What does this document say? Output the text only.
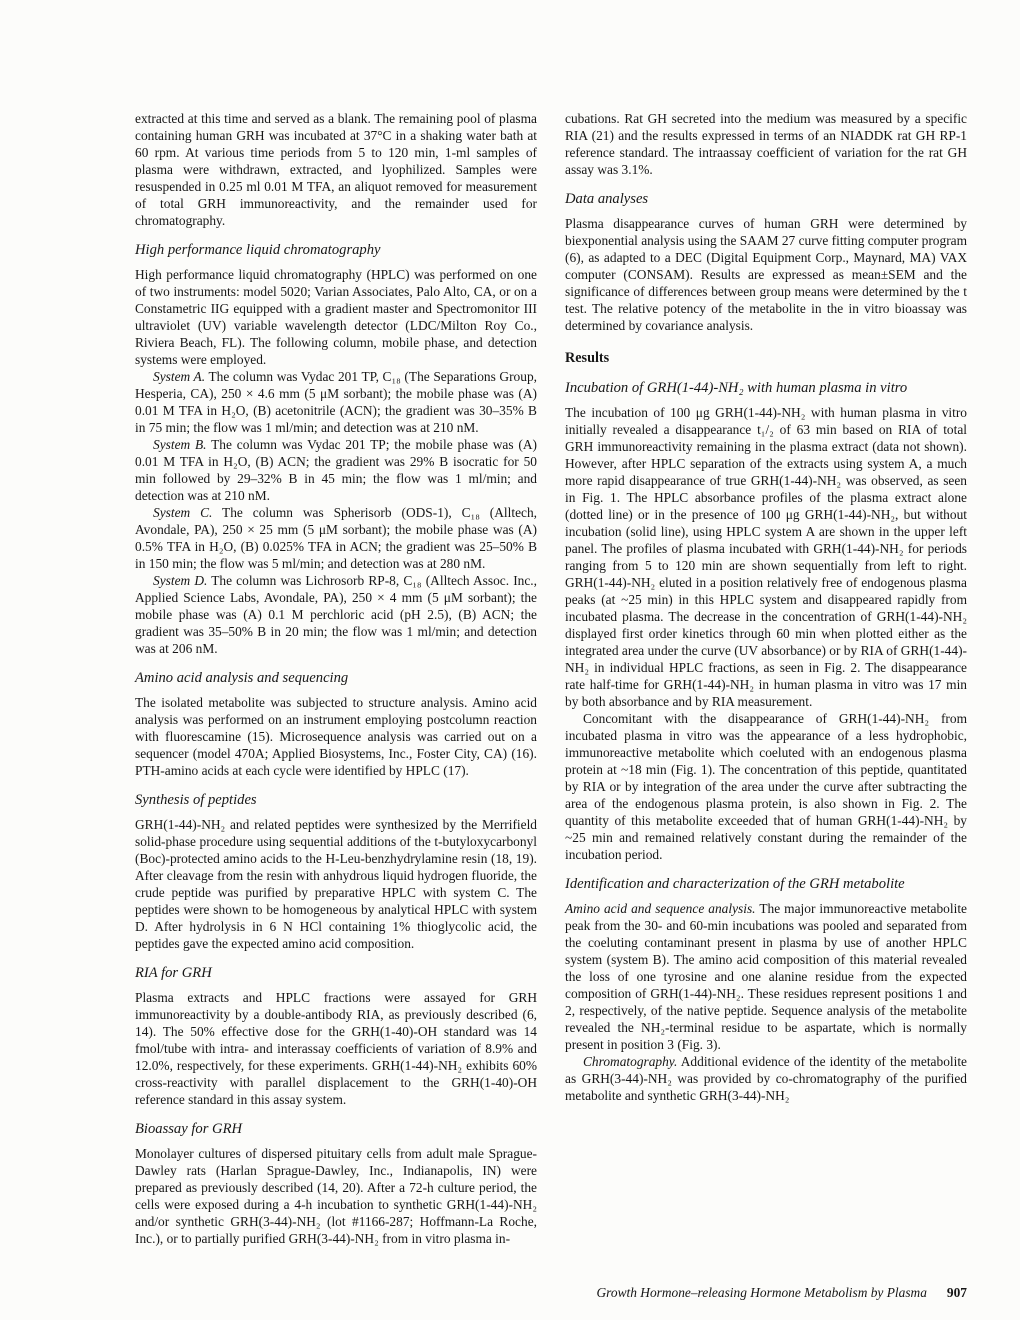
extracted at this time and served as a blank. The remaining pool of plasma containing human GRH was incubated at 37°C in a shaking water bath at 60 rpm. At various time periods from 5 to 120 min, 1-ml samples of plasma were withdrawn, extracted, and lyophilized. Samples were resuspended in 0.25 ml 0.01 M TFA, an aliquot removed for measurement of total GRH immunoreactivity, and the remainder used for chromatography.

High performance liquid chromatography

High performance liquid chromatography (HPLC) was performed on one of two instruments: model 5020; Varian Associates, Palo Alto, CA, or on a Constametric IIG equipped with a gradient master and Spectromonitor III ultraviolet (UV) variable wavelength detector (LDC/Milton Roy Co., Riviera Beach, FL). The following column, mobile phase, and detection systems were employed.

System A. The column was Vydac 201 TP, C₁₈ (The Separations Group, Hesperia, CA), 250 × 4.6 mm (5 μM sorbant); the mobile phase was (A) 0.01 M TFA in H₂O, (B) acetonitrile (ACN); the gradient was 30–35% B in 75 min; the flow was 1 ml/min; and detection was at 210 nM.

System B. The column was Vydac 201 TP; the mobile phase was (A) 0.01 M TFA in H₂O, (B) ACN; the gradient was 29% B isocratic for 50 min followed by 29–32% B in 45 min; the flow was 1 ml/min; and detection was at 210 nM.

System C. The column was Spherisorb (ODS-1), C₁₈ (Alltech, Avondale, PA), 250 × 25 mm (5 μM sorbant); the mobile phase was (A) 0.5% TFA in H₂O, (B) 0.025% TFA in ACN; the gradient was 25–50% B in 150 min; the flow was 5 ml/min; and detection was at 280 nM.

System D. The column was Lichrosorb RP-8, C₁₈ (Alltech Assoc. Inc., Applied Science Labs, Avondale, PA), 250 × 4 mm (5 μM sorbant); the mobile phase was (A) 0.1 M perchloric acid (pH 2.5), (B) ACN; the gradient was 35–50% B in 20 min; the flow was 1 ml/min; and detection was at 206 nM.

Amino acid analysis and sequencing

The isolated metabolite was subjected to structure analysis. Amino acid analysis was performed on an instrument employing postcolumn reaction with fluorescamine (15). Microsequence analysis was carried out on a sequencer (model 470A; Applied Biosystems, Inc., Foster City, CA) (16). PTH-amino acids at each cycle were identified by HPLC (17).

Synthesis of peptides

GRH(1-44)-NH₂ and related peptides were synthesized by the Merrifield solid-phase procedure using sequential additions of the t-butyloxycarbonyl (Boc)-protected amino acids to the H-Leu-benzhydrylamine resin (18, 19). After cleavage from the resin with anhydrous liquid hydrogen fluoride, the crude peptide was purified by preparative HPLC with system C. The peptides were shown to be homogeneous by analytical HPLC with system D. After hydrolysis in 6 N HCl containing 1% thioglycolic acid, the peptides gave the expected amino acid composition.

RIA for GRH

Plasma extracts and HPLC fractions were assayed for GRH immunoreactivity by a double-antibody RIA, as previously described (6, 14). The 50% effective dose for the GRH(1-40)-OH standard was 14 fmol/tube with intra- and interassay coefficients of variation of 8.9% and 12.0%, respectively, for these experiments. GRH(1-44)-NH₂ exhibits 60% cross-reactivity with parallel displacement to the GRH(1-40)-OH reference standard in this assay system.

Bioassay for GRH

Monolayer cultures of dispersed pituitary cells from adult male Sprague-Dawley rats (Harlan Sprague-Dawley, Inc., Indianapolis, IN) were prepared as previously described (14, 20). After a 72-h culture period, the cells were exposed during a 4-h incubation to synthetic GRH(1-44)-NH₂ and/or synthetic GRH(3-44)-NH₂ (lot #1166-287; Hoffmann-La Roche, Inc.), or to partially purified GRH(3-44)-NH₂ from in vitro plasma in-

cubations. Rat GH secreted into the medium was measured by a specific RIA (21) and the results expressed in terms of an NIADDK rat GH RP-1 reference standard. The intraassay coefficient of variation for the rat GH assay was 3.1%.

Data analyses

Plasma disappearance curves of human GRH were determined by biexponential analysis using the SAAM 27 curve fitting computer program (6), as adapted to a DEC (Digital Equipment Corp., Maynard, MA) VAX computer (CONSAM). Results are expressed as mean±SEM and the significance of differences between group means were determined by the t test. The relative potency of the metabolite in the in vitro bioassay was determined by covariance analysis.

Results
Incubation of GRH(1-44)-NH₂ with human plasma in vitro

The incubation of 100 μg GRH(1-44)-NH₂ with human plasma in vitro initially revealed a disappearance t₁/₂ of 63 min based on RIA of total GRH immunoreactivity remaining in the plasma extract (data not shown). However, after HPLC separation of the extracts using system A, a much more rapid disappearance of true GRH(1-44)-NH₂ was observed, as seen in Fig. 1. The HPLC absorbance profiles of the plasma extract alone (dotted line) or in the presence of 100 μg GRH(1-44)-NH₂, but without incubation (solid line), using HPLC system A are shown in the upper left panel. The profiles of plasma incubated with GRH(1-44)-NH₂ for periods ranging from 5 to 120 min are shown sequentially from left to right. GRH(1-44)-NH₂ eluted in a position relatively free of endogenous plasma peaks (at ~25 min) in this HPLC system and disappeared rapidly from incubated plasma. The decrease in the concentration of GRH(1-44)-NH₂ displayed first order kinetics through 60 min when plotted either as the integrated area under the curve (UV absorbance) or by RIA of GRH(1-44)-NH₂ in individual HPLC fractions, as seen in Fig. 2. The disappearance rate half-time for GRH(1-44)-NH₂ in human plasma in vitro was 17 min by both absorbance and by RIA measurement.

Concomitant with the disappearance of GRH(1-44)-NH₂ from incubated plasma in vitro was the appearance of a less hydrophobic, immunoreactive metabolite which coeluted with an endogenous plasma protein at ~18 min (Fig. 1). The concentration of this peptide, quantitated by RIA or by integration of the area under the curve after subtracting the area of the endogenous plasma protein, is also shown in Fig. 2. The quantity of this metabolite exceeded that of human GRH(1-44)-NH₂ by ~25 min and remained relatively constant during the remainder of the incubation period.

Identification and characterization of the GRH metabolite

Amino acid and sequence analysis. The major immunoreactive metabolite peak from the 30- and 60-min incubations was pooled and separated from the coeluting contaminant present in plasma by use of another HPLC system (system B). The amino acid composition of this material revealed the loss of one tyrosine and one alanine residue from the expected composition of GRH(1-44)-NH₂. These residues represent positions 1 and 2, respectively, of the native peptide. Sequence analysis of the metabolite revealed the NH₂-terminal residue to be aspartate, which is normally present in position 3 (Fig. 3).

Chromatography. Additional evidence of the identity of the metabolite as GRH(3-44)-NH₂ was provided by co-chromatography of the purified metabolite and synthetic GRH(3-44)-NH₂

Growth Hormone–releasing Hormone Metabolism by Plasma 907
